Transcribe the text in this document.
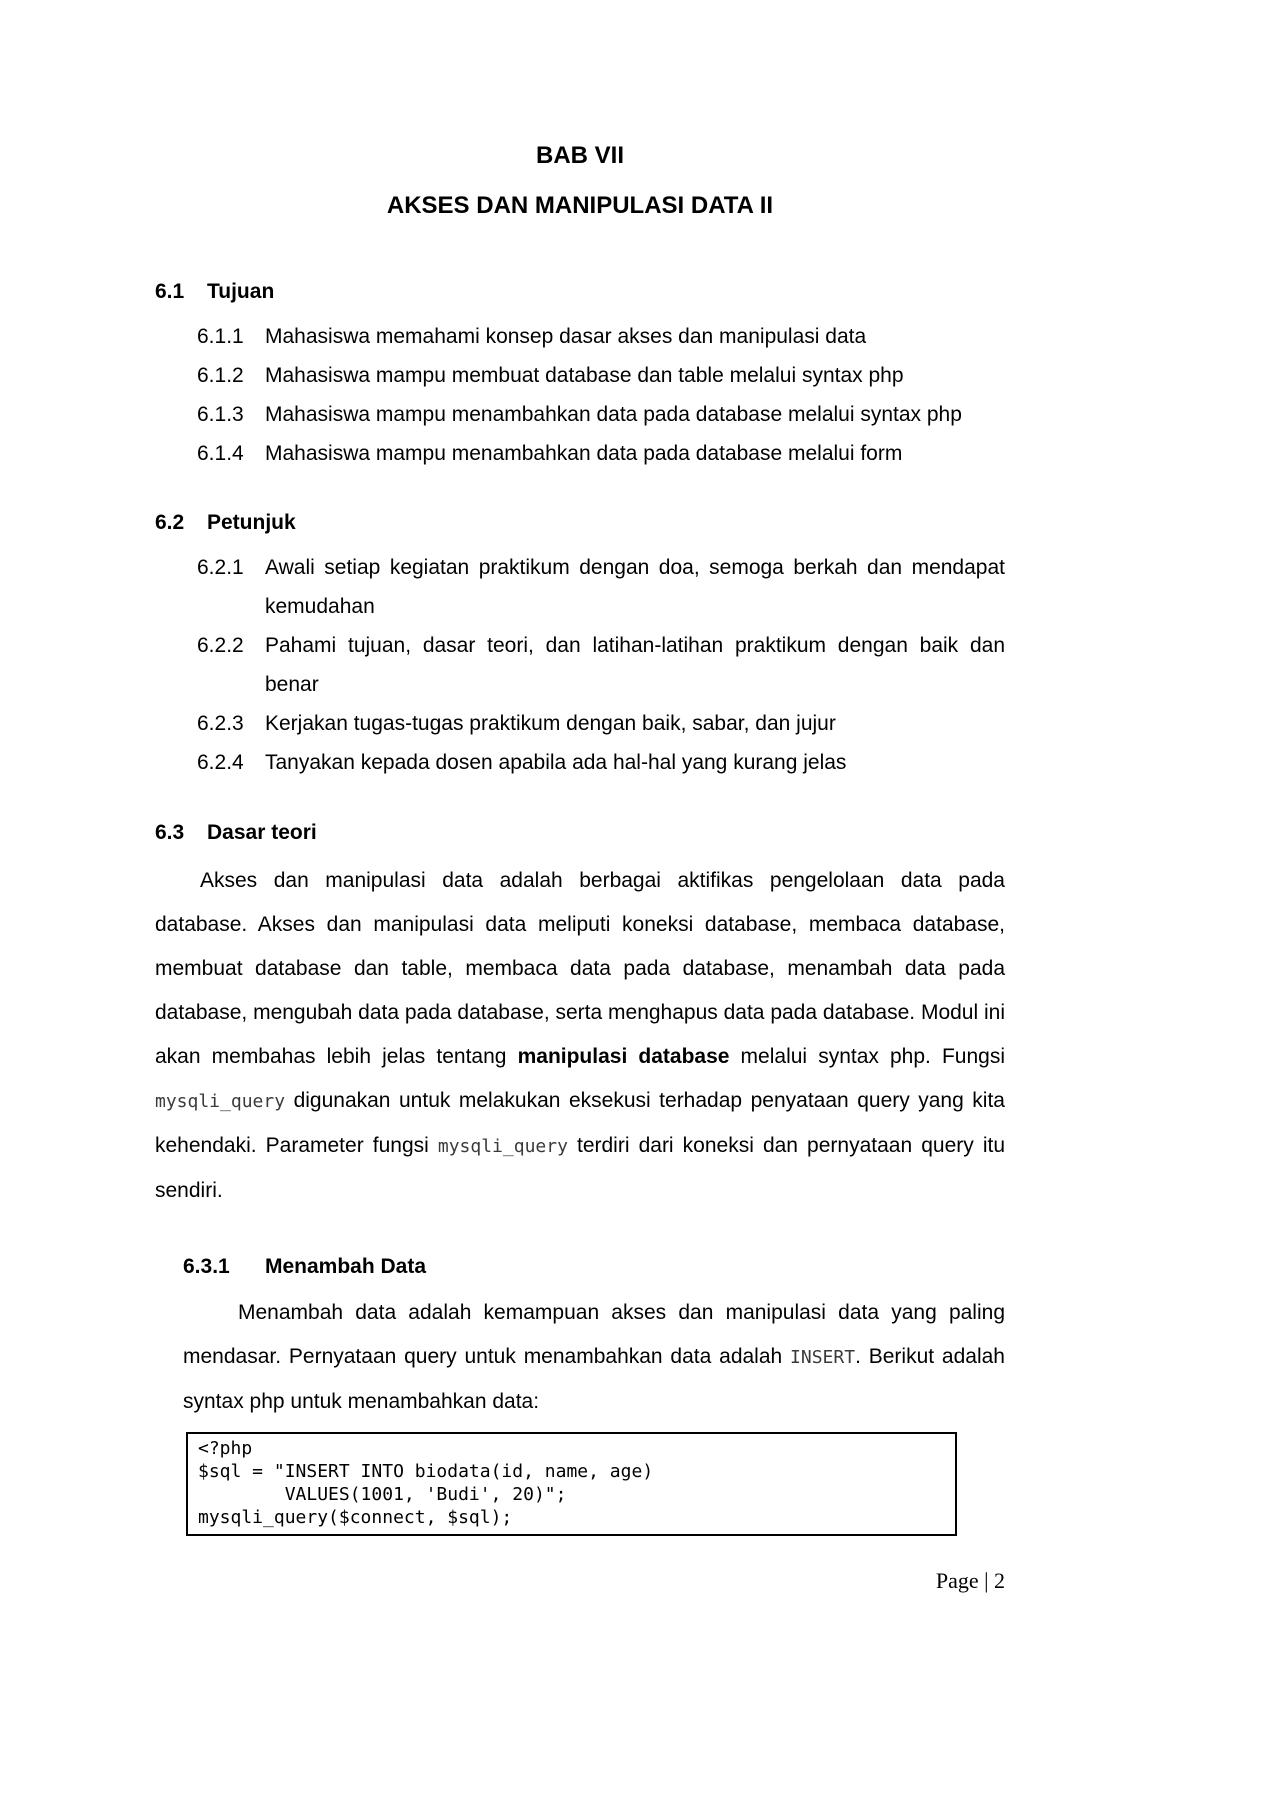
BAB VII
AKSES DAN MANIPULASI DATA II
6.1	Tujuan
6.1.1	Mahasiswa memahami konsep dasar akses dan manipulasi data
6.1.2	Mahasiswa mampu membuat database dan table melalui syntax php
6.1.3	Mahasiswa mampu menambahkan data pada database melalui syntax php
6.1.4	Mahasiswa mampu menambahkan data pada database melalui form
6.2	Petunjuk
6.2.1	Awali setiap kegiatan praktikum dengan doa, semoga berkah dan mendapat kemudahan
6.2.2	Pahami tujuan, dasar teori, dan latihan-latihan praktikum dengan baik dan benar
6.2.3	Kerjakan tugas-tugas praktikum dengan baik, sabar, dan jujur
6.2.4	Tanyakan kepada dosen apabila ada hal-hal yang kurang jelas
6.3	Dasar teori

Akses dan manipulasi data adalah berbagai aktifikas pengelolaan data pada database. Akses dan manipulasi data meliputi koneksi database, membaca database, membuat database dan table, membaca data pada database, menambah data pada database, mengubah data pada database, serta menghapus data pada database. Modul ini akan membahas lebih jelas tentang manipulasi database melalui syntax php. Fungsi mysqli_query digunakan untuk melakukan eksekusi terhadap penyataan query yang kita kehendaki. Parameter fungsi mysqli_query terdiri dari koneksi dan pernyataan query itu sendiri.

6.3.1	Menambah Data

Menambah data adalah kemampuan akses dan manipulasi data yang paling mendasar. Pernyataan query untuk menambahkan data adalah INSERT. Berikut adalah syntax php untuk menambahkan data:

<?php
$sql = "INSERT INTO biodata(id, name, age)
VALUES(1001, 'Budi', 20)";
mysqli_query($connect, $sql);
Page | 2
